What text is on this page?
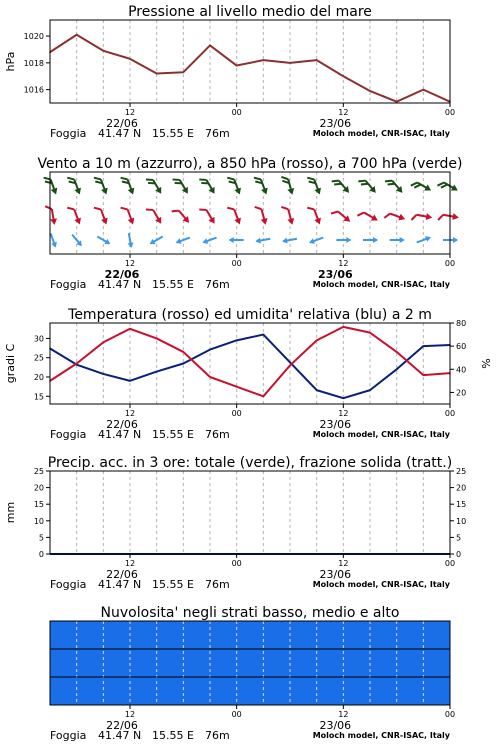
Pressione al livello medio del mare
1016
1018
1020
hPa
12	00	12	00
22/06	23/06
Foggia 41.47 N 15.55 E 76m	Moloch model, CNR-ISAC, Italy
Vento a 10 m (azzurro), a 850 hPa (rosso), a 700 hPa (verde)
12	00	12	00
22/06	23/06
Foggia 41.47 N 15.55 E 76m	Moloch model, CNR-ISAC, Italy
Temperatura (rosso) ed umidita' relativa (blu) a 2 m
15
20
25
30
20
40
60
80
gradi C	%
12	00	12	00
22/06	23/06
Foggia 41.47 N 15.55 E 76m	Moloch model, CNR-ISAC, Italy
Precip. acc. in 3 ore: totale (verde), frazione solida (tratt.)
0
5
10
15
20
25
0
5
10
15
20
25
mm
12	00	12	00
22/06	23/06
Foggia 41.47 N 15.55 E 76m	Moloch model, CNR-ISAC, Italy
Nuvolosita' negli strati basso, medio e alto
12	00	12	00
22/06	23/06
Foggia 41.47 N 15.55 E 76m	Moloch model, CNR-ISAC, Italy
